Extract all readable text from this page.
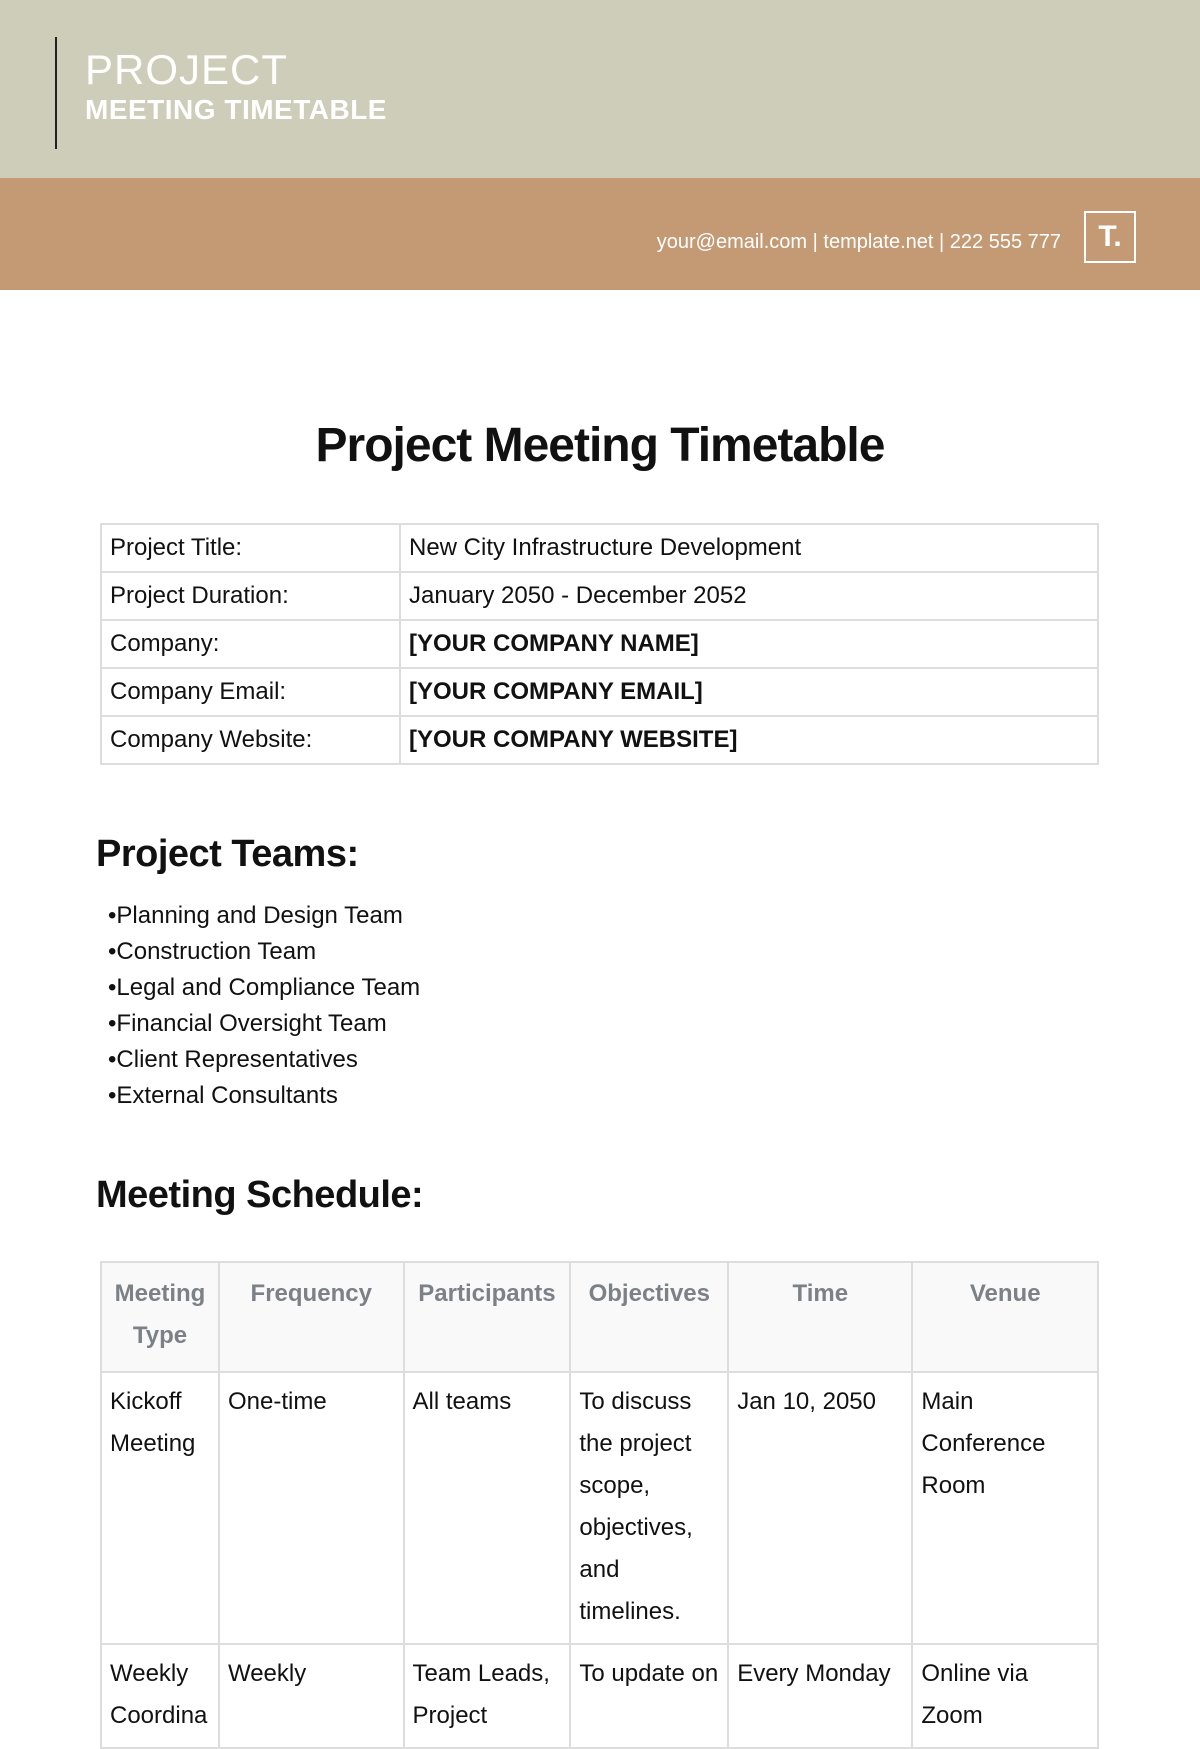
PROJECT
MEETING TIMETABLE
your@email.com | template.net | 222 555 777	T.
Project Meeting Timetable
Project Title:	New City Infrastructure Development
Project Duration:	January 2050 - December 2052
Company:	[YOUR COMPANY NAME]
Company Email:	[YOUR COMPANY EMAIL]
Company Website:	[YOUR COMPANY WEBSITE]
Project Teams:
• Planning and Design Team
• Construction Team
• Legal and Compliance Team
• Financial Oversight Team
• Client Representatives
• External Consultants
Meeting Schedule:
Meeting Type	Frequency	Participants	Objectives	Time	Venue
Kickoff Meeting	One-time	All teams	To discuss the project scope, objectives, and timelines.	Jan 10, 2050	Main Conference Room
Weekly Coordina	Weekly	Team Leads, Project	To update on	Every Monday	Online via Zoom
